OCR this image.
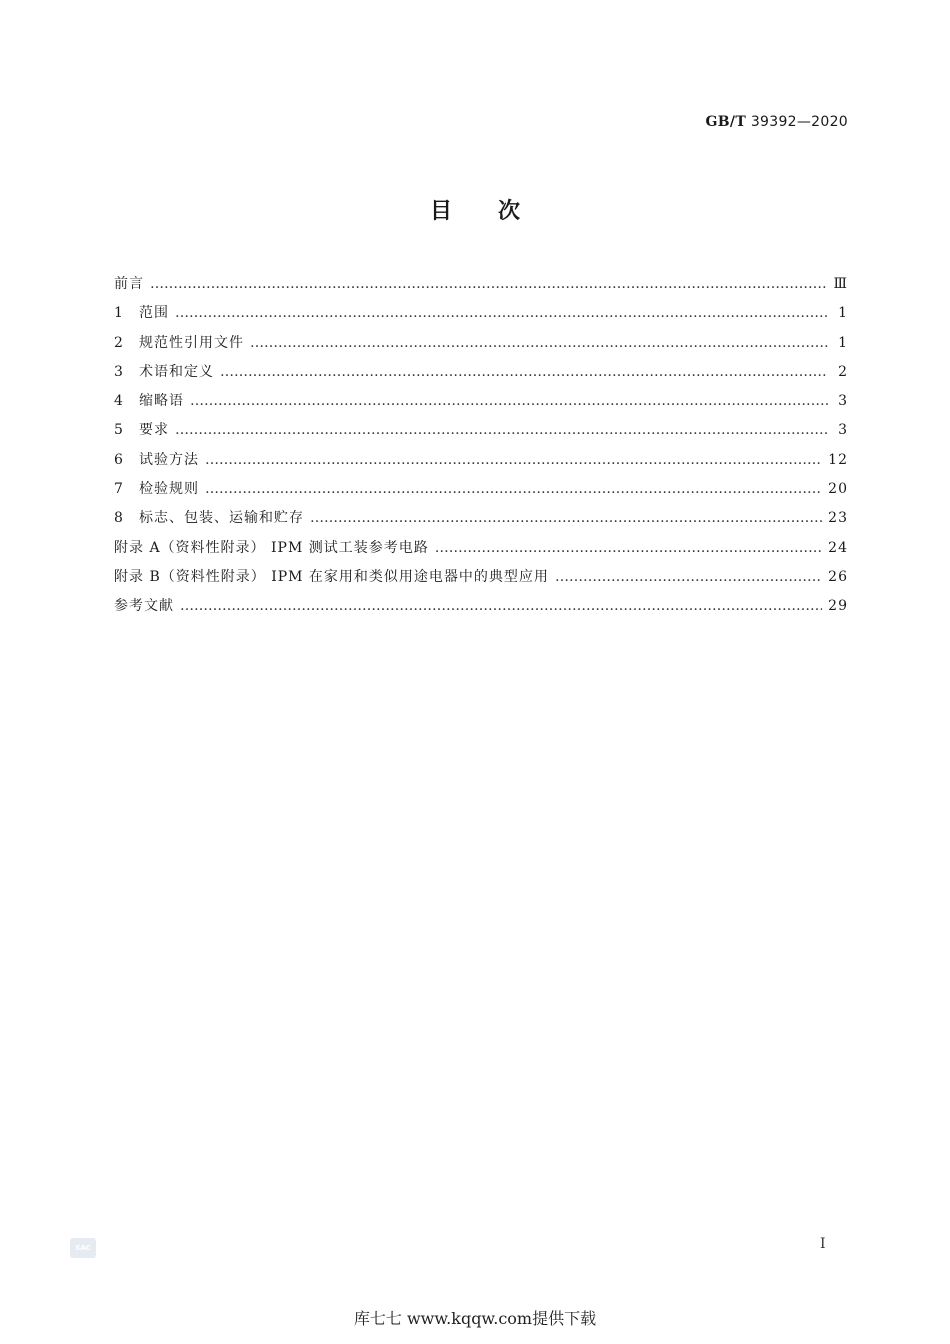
GB/T 39392—2020
目次
前言 …………………………………………………………………………………………………………………………………………………………………………………………………………	Ⅲ
1	范围 …………………………………………………………………………………………………………………………………………………………………………………………………………	1
2	规范性引用文件 …………………………………………………………………………………………………………………………………………………………………………………………………………	1
3	术语和定义 …………………………………………………………………………………………………………………………………………………………………………………………………………	2
4	缩略语 …………………………………………………………………………………………………………………………………………………………………………………………………………	3
5	要求 …………………………………………………………………………………………………………………………………………………………………………………………………………	3
6	试验方法 …………………………………………………………………………………………………………………………………………………………………………………………………………	12
7	检验规则 …………………………………………………………………………………………………………………………………………………………………………………………………………	20
8	标志、包装、运输和贮存 …………………………………………………………………………………………………………………………………………………………………………………………………………	23
附录 A（资料性附录） IPM 测试工装参考电路 …………………………………………………………………………………………………………………………………………………………………………………………………………	24
附录 B（资料性附录） IPM 在家用和类似用途电器中的典型应用 …………………………………………………………………………………………………………………………………………………………………………………………………………	26
参考文献 …………………………………………………………………………………………………………………………………………………………………………………………………………	29
SAC	I
库七七 www.kqqw.com提供下载
